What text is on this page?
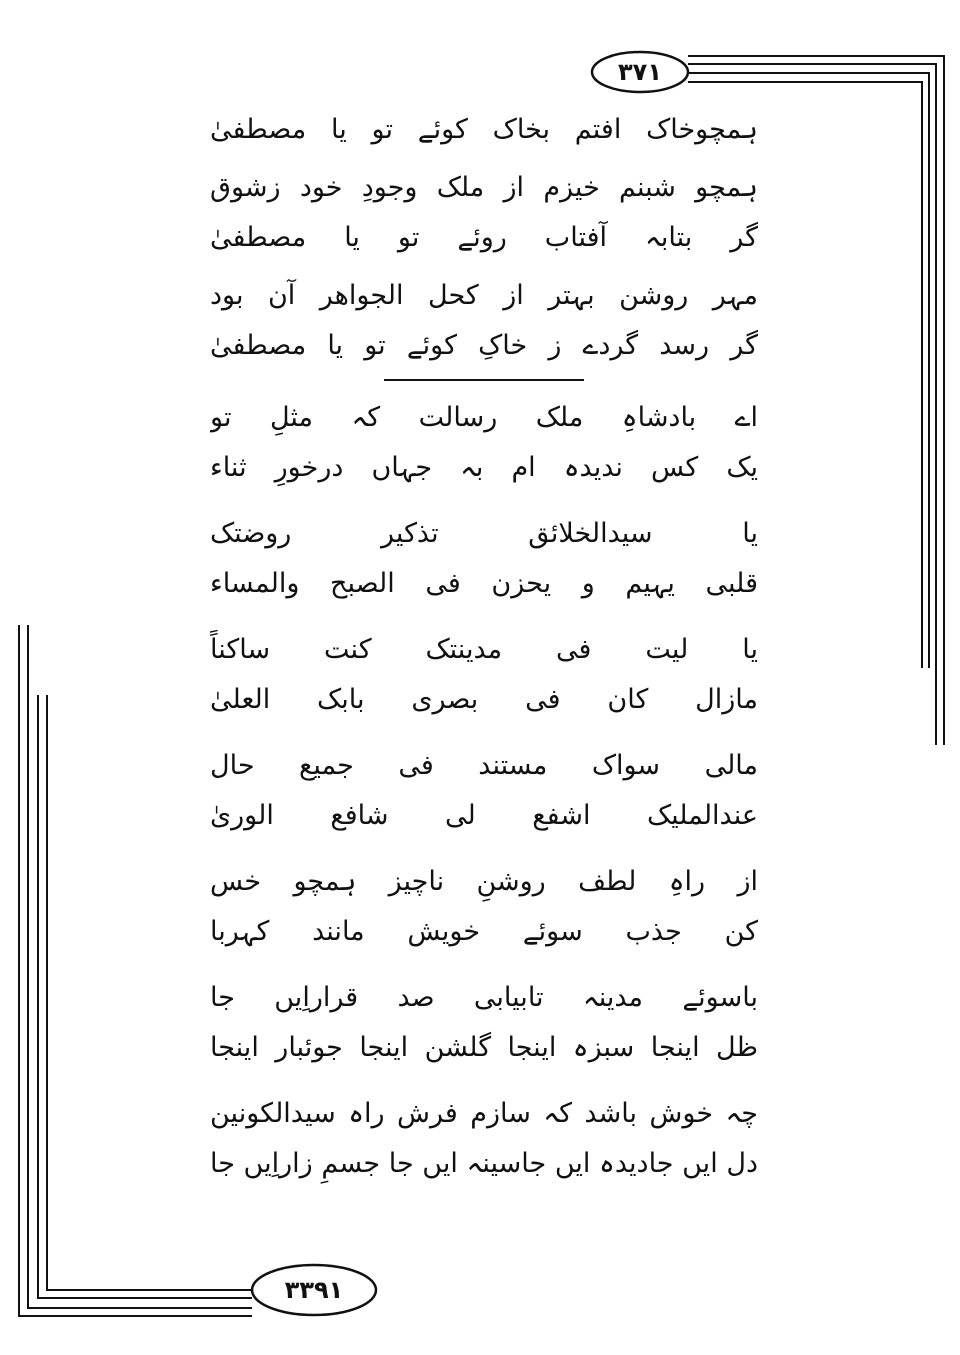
٣٧١
٣٣٩١
ہمچوخاک افتم بخاک کوئے تو یا مصطفیٰ
ہمچو شبنم خیزم از ملک وجودِ خود زشوق
گر بتابہ آفتاب روئے تو یا مصطفیٰ
مہر روشن بہتر از کحل الجواھر آن بود
گر رسد گردے ز خاکِ کوئے تو یا مصطفیٰ
اے بادشاہِ ملک رسالت کہ مثلِ تو
یک کس ندیدہ ام بہ جہاں درخورِ ثناء
یا سیدالخلائق تذکیر روضتک
قلبی یہیم و یحزن فی الصبح والمساء
یا لیت فی مدینتک کنت ساکناً
مازال کان فی بصری بابک العلیٰ
مالی سواک مستند فی جمیع حال
عندالملیک اشفع لی شافع الوریٰ
از راہِ لطف روشنِ ناچیز ہمچو خس
کن جذب سوئے خویش مانند کہربا
باسوئے مدینہ تابیابی صد قراراِیں جا
ظل اینجا سبزہ اینجا گلشن اینجا جوئبار اینجا
چہ خوش باشد کہ سازم فرش راہ سیدالکونین
دل ایں جادیدہ ایں جاسینہ ایں جا جسمِ زاراِیں جا
